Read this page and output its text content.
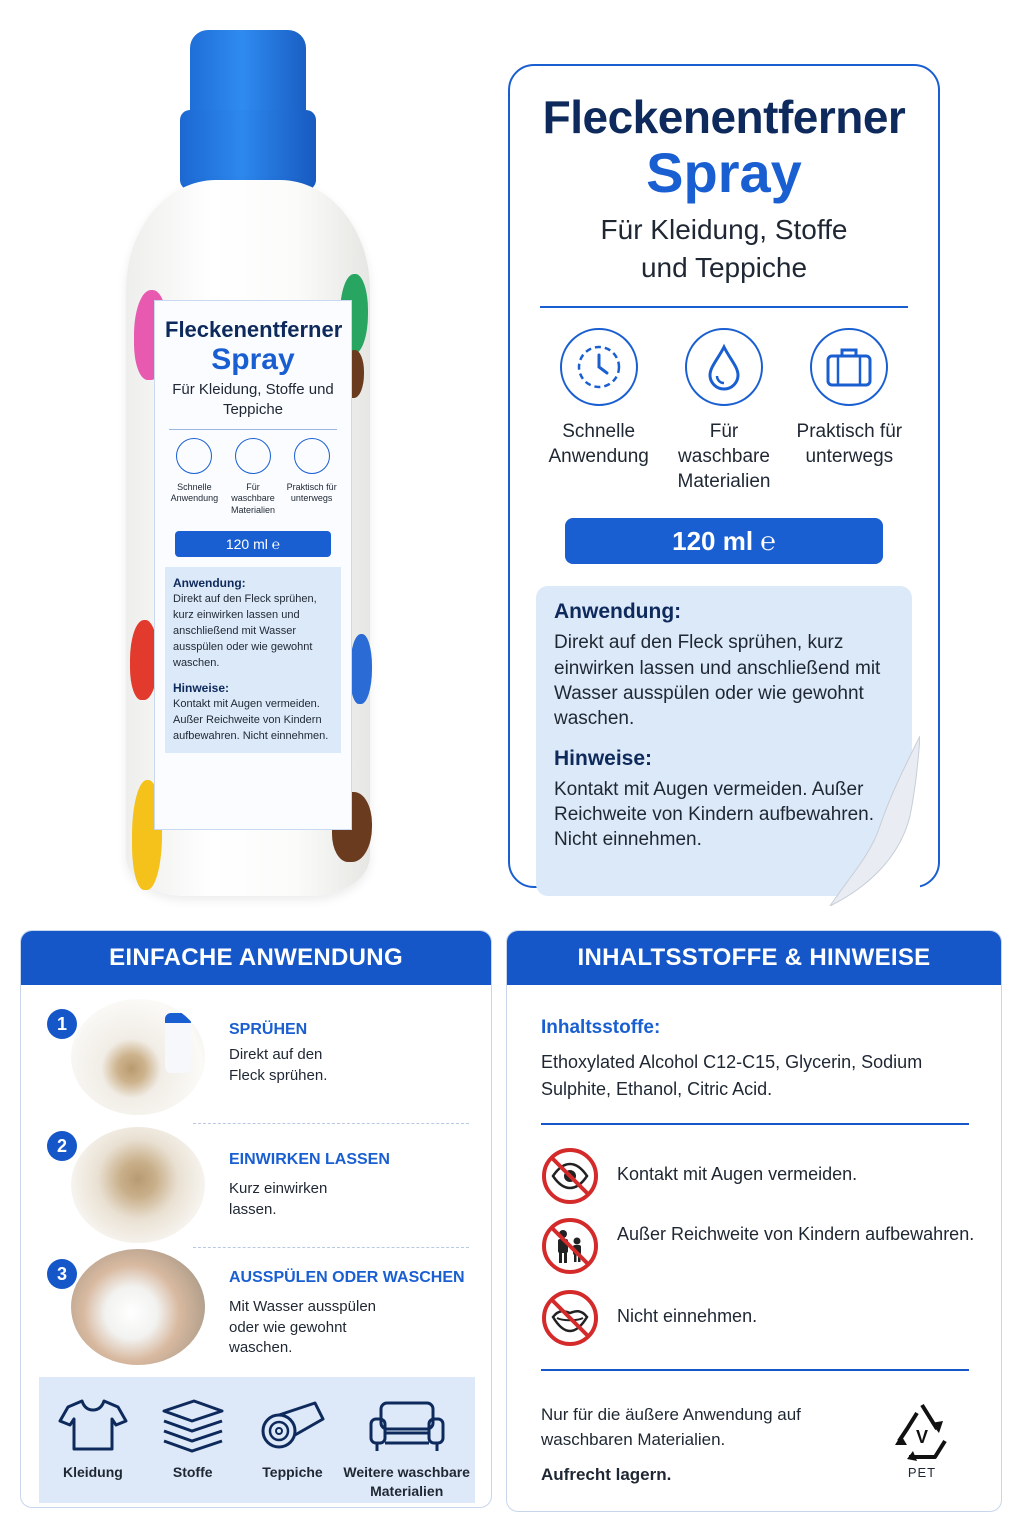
Fleckenentferner
Spray
Für Kleidung, Stoffe und Teppiche
Schnelle Anwendung
Für waschbare Materialien
Praktisch für unterwegs
120 ml ℮
Anwendung:
Direkt auf den Fleck sprühen, kurz einwirken lassen und anschließend mit Wasser ausspülen oder wie gewohnt waschen.
Hinweise:
Kontakt mit Augen vermeiden. Außer Reichweite von Kindern aufbewahren. Nicht einnehmen.
Fleckenentferner
Spray
Für Kleidung, Stoffe
und Teppiche
Schnelle
Anwendung
Für waschbare
Materialien
Praktisch für
unterwegs
120 ml ℮
Anwendung:

Direkt auf den Fleck sprühen, kurz einwirken lassen und anschließend mit Wasser ausspülen oder wie gewohnt waschen.

Hinweise:

Kontakt mit Augen vermeiden. Außer Reichweite von Kindern aufbewahren. Nicht einnehmen.

EINFACHE ANWENDUNG
1	SPRÜHEN
Direkt auf den Fleck sprühen.
2
EINWIRKEN LASSEN
Kurz einwirken lassen.
3	AUSSPÜLEN ODER WASCHEN
Mit Wasser ausspülen oder wie gewohnt waschen.
Kleidung	Stoffe	Teppiche	Weitere waschbare Materialien
INHALTSSTOFFE & HINWEISE
Inhaltsstoffe:
Ethoxylated Alcohol C12-C15, Glycerin, Sodium Sulphite, Ethanol, Citric Acid.
Kontakt mit Augen vermeiden.
Außer Reichweite von Kindern aufbewahren.
Nicht einnehmen.
Nur für die äußere Anwendung auf waschbaren Materialien.
Aufrecht lagern.
V
PET
